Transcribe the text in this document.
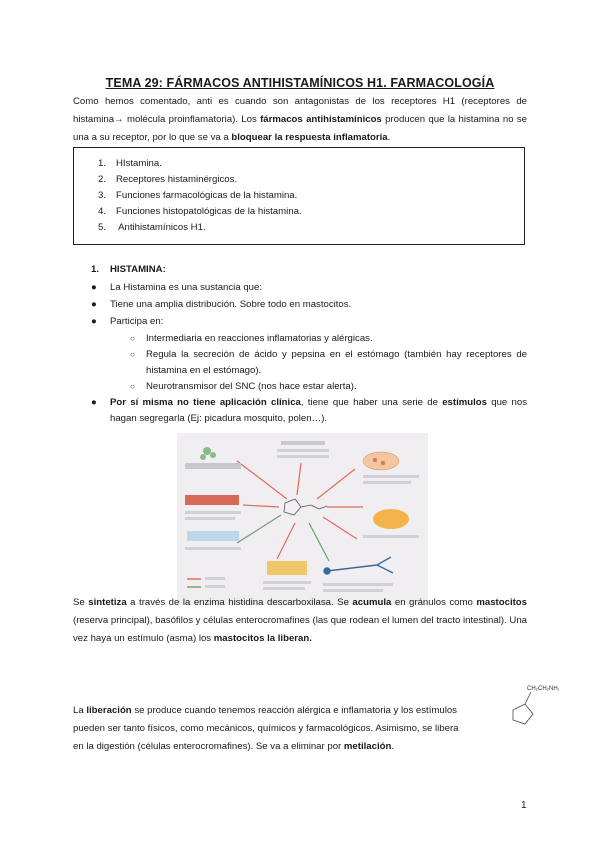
TEMA 29: FÁRMACOS ANTIHISTAMÍNICOS H1. FARMACOLOGÍA
Como hemos comentado, anti es cuando son antagonistas de los receptores H1 (receptores de histamina→ molécula proinflamatoria). Los fármacos antihistamínicos producen que la histamina no se una a su receptor, por lo que se va a bloquear la respuesta inflamatoria.
1. HIstamina.
2. Receptores histaminérgicos.
3. Funciones farmacológicas de la histamina.
4. Funciones histopatológicas de la histamina.
5. Antihistamínicos H1.
1. HISTAMINA:
● La Histamina es una sustancia que:
● Tiene una amplia distribución. Sobre todo en mastocitos.
● Participa en:
○ Intermediaria en reacciones inflamatorias y alérgicas.
○ Regula la secreción de ácido y pepsina en el estómago (también hay receptores de histamina en el estómago).
○ Neurotransmisor del SNC (nos hace estar alerta).
● Por sí misma no tiene aplicación clínica, tiene que haber una serie de estímulos que nos hagan segregarla (Ej: picadura mosquito, polen…).
Se sintetiza a través de la enzima histidina descarboxilasa. Se acumula en gránulos como mastocitos (reserva principal), basófilos y células enterocromafines (las que rodean el lumen del tracto intestinal). Una vez haya un estímulo (asma) los mastocitos la liberan.
La liberación se produce cuando tenemos reacción alérgica e inflamatoria y los estímulos pueden ser tanto físicos, como mecánicos, químicos y farmacológicos. Asimismo, se libera en la digestión (células enterocromafines). Se va a eliminar por metilación.
CH₂CH₂NH₂
1
